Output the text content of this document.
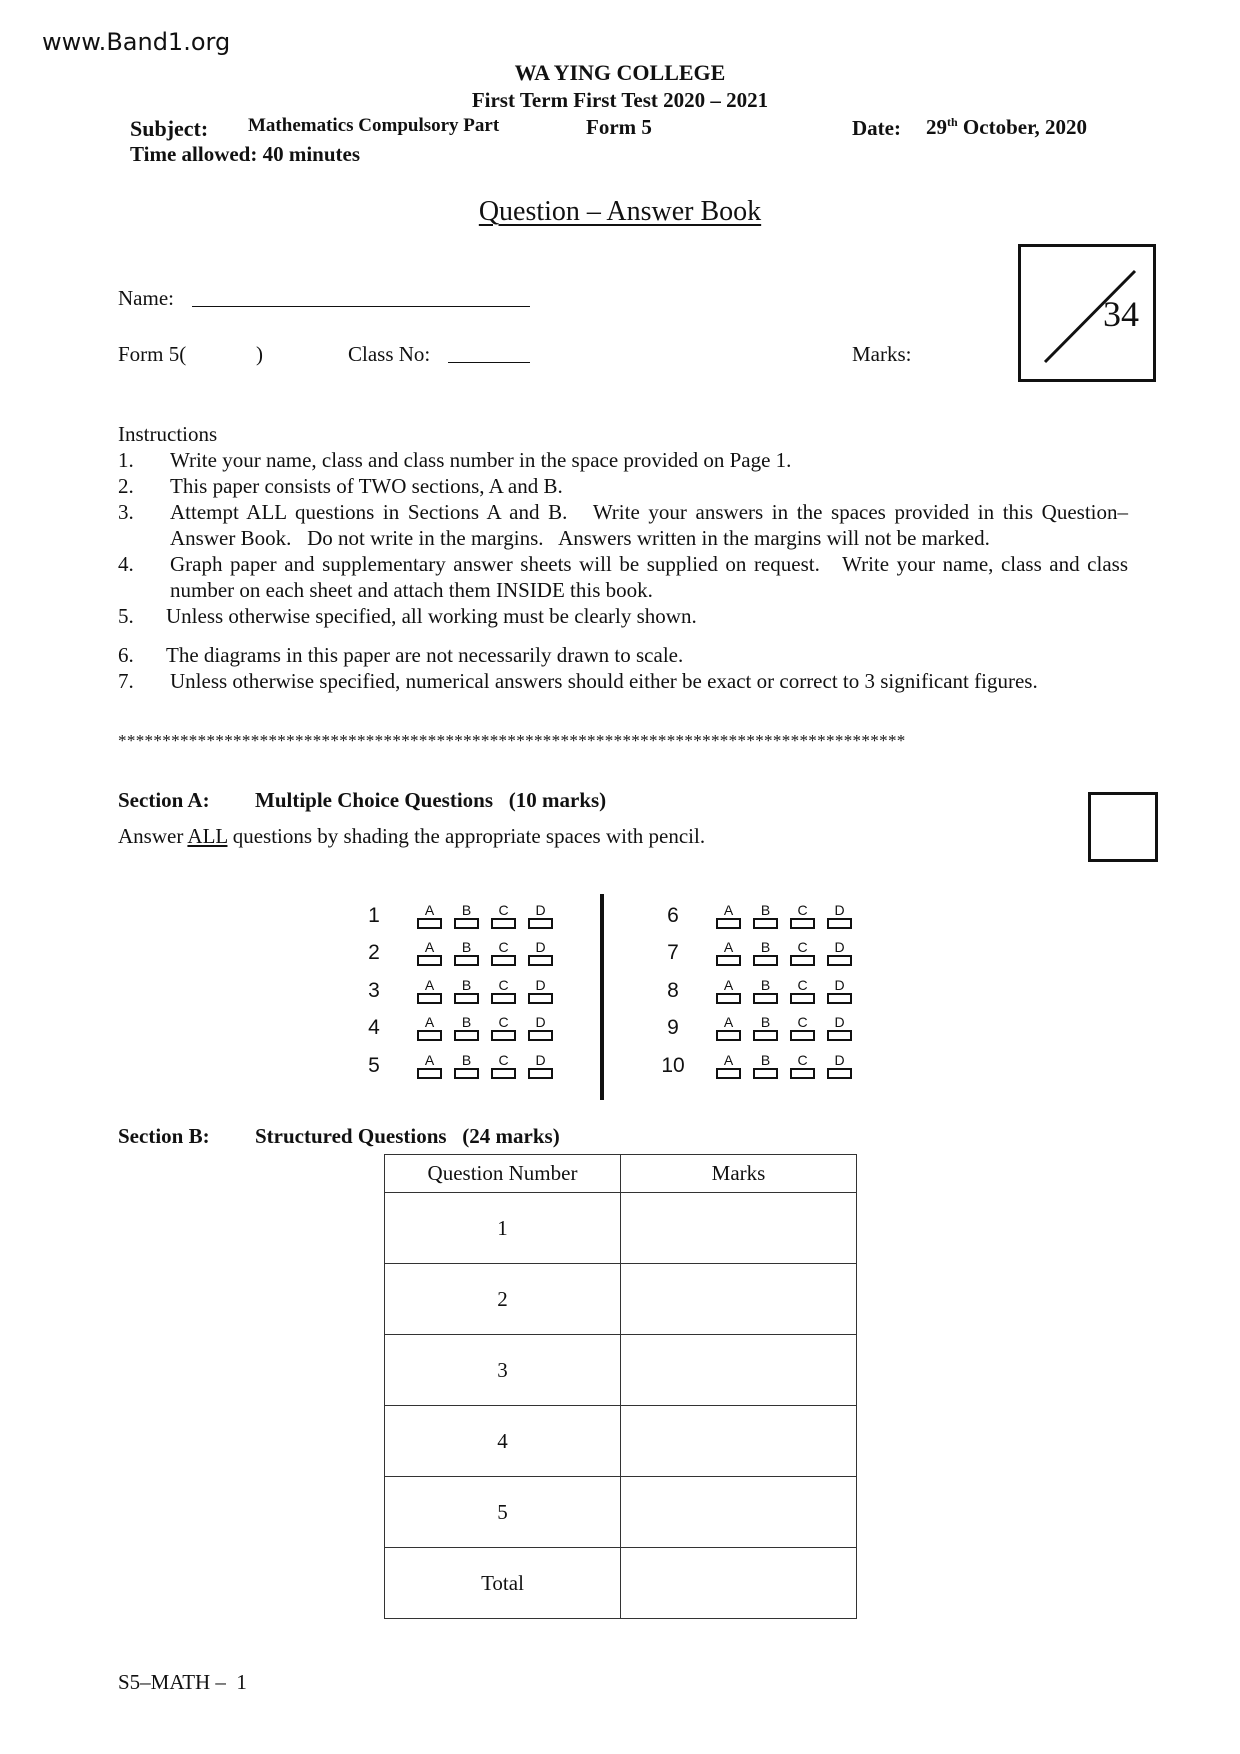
www.Band1.org
WA YING COLLEGE
First Term First Test 2020 – 2021
Subject: Mathematics Compulsory Part	Form 5	Date: 29th October, 2020
Time allowed: 40 minutes
Question – Answer Book
Name:
Form 5(	)	Class No:	Marks:
34
Instructions
1. Write your name, class and class number in the space provided on Page 1.
2. This paper consists of TWO sections, A and B.
3. Attempt ALL questions in Sections A and B.   Write your answers in the spaces provided in this Question–Answer Book.   Do not write in the margins.   Answers written in the margins will not be marked.
4. Graph paper and supplementary answer sheets will be supplied on request.   Write your name, class and class number on each sheet and attach them INSIDE this book.
5. Unless otherwise specified, all working must be clearly shown.
6. The diagrams in this paper are not necessarily drawn to scale.
7. Unless otherwise specified, numerical answers should either be exact or correct to 3 significant figures.
*****************************************************************************************
Section A: Multiple Choice Questions (10 marks)
Answer ALL questions by shading the appropriate spaces with pencil.
1	A B C D
2	A B C D
3	A B C D
4	A B C D
5	A B C D
6	A B C D
7	A B C D
8	A B C D
9	A B C D
10	A B C D
Section B: Structured Questions (24 marks)
Question Number	Marks
1	
2	
3	
4	
5	
Total	
S5–MATH –  1
